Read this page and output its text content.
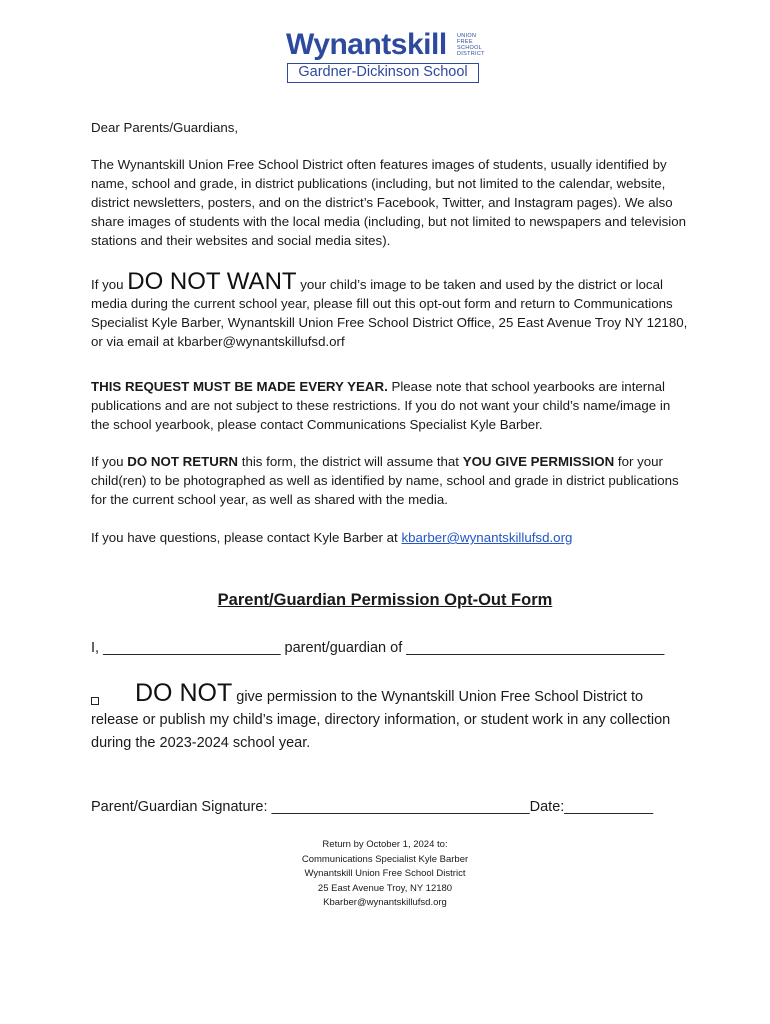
Wynantskill UNION
FREE
SCHOOL
DISTRICT
Gardner-Dickinson School

Dear Parents/Guardians,

The Wynantskill Union Free School District often features images of students, usually identified by name, school and grade, in district publications (including, but not limited to the calendar, website, district newsletters, posters, and on the district’s Facebook, Twitter, and Instagram pages). We also share images of students with the local media (including, but not limited to newspapers and television stations and their websites and social media sites).

If you DO NOT WANT your child’s image to be taken and used by the district or local media during the current school year, please fill out this opt-out form and return to Communications Specialist Kyle Barber, Wynantskill Union Free School District Office, 25 East Avenue Troy NY 12180, or via email at kbarber@wynantskillufsd.orf

THIS REQUEST MUST BE MADE EVERY YEAR. Please note that school yearbooks are internal publications and are not subject to these restrictions. If you do not want your child’s name/image in the school yearbook, please contact Communications Specialist Kyle Barber.

If you DO NOT RETURN this form, the district will assume that YOU GIVE PERMISSION for your child(ren) to be photographed as well as identified by name, school and grade in district publications for the current school year, as well as shared with the media.

If you have questions, please contact Kyle Barber at kbarber@wynantskillufsd.org

Parent/Guardian Permission Opt-Out Form
I, ______________________ parent/guardian of ________________________________

DO NOT give permission to the Wynantskill Union Free School District to release or publish my child’s image, directory information, or student work in any collection during the 2023-2024 school year.

Parent/Guardian Signature: ________________________________Date:___________
Return by October 1, 2024 to:
Communications Specialist Kyle Barber
Wynantskill Union Free School District
25 East Avenue Troy, NY 12180
Kbarber@wynantskillufsd.org
